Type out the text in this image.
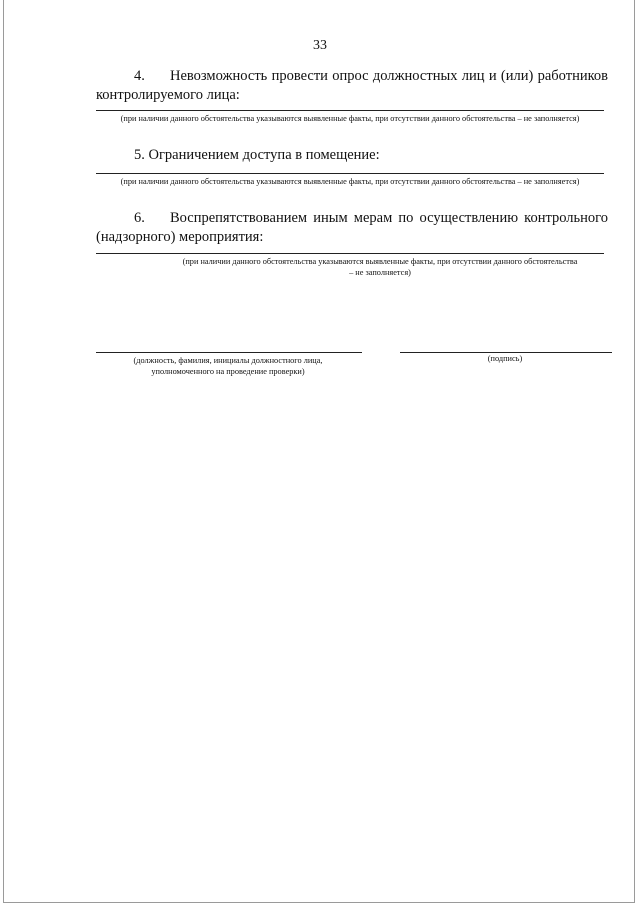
33
4. Невозможность провести опрос должностных лиц и (или) работников контролируемого лица:
(при наличии данного обстоятельства указываются выявленные факты, при отсутствии данного обстоятельства – не заполняется)
5. Ограничением доступа в помещение:
(при наличии данного обстоятельства указываются выявленные факты, при отсутствии данного обстоятельства – не заполняется)
6. Воспрепятствованием иным мерам по осуществлению контрольного (надзорного) мероприятия:
(при наличии данного обстоятельства указываются выявленные факты, при отсутствии данного обстоятельства – не заполняется)
(должность, фамилия, инициалы должностного лица, уполномоченного на проведение проверки)
(подпись)
